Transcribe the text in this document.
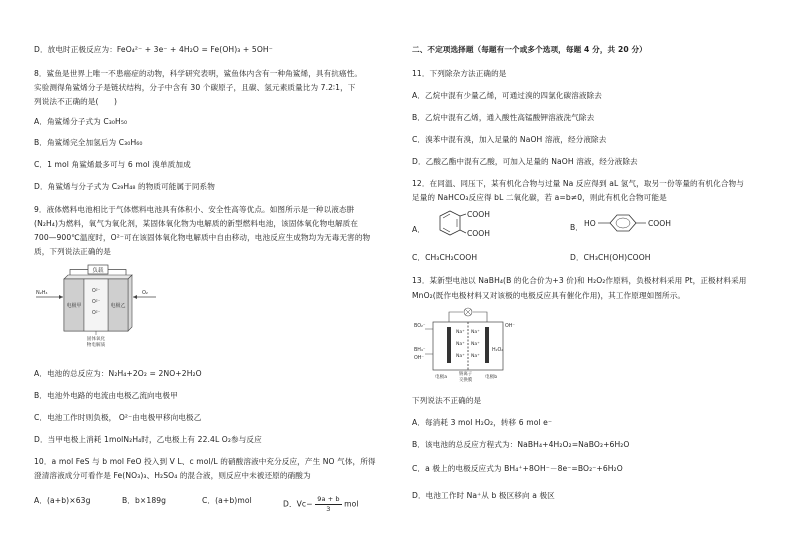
D．放电时正极反应为：FeO₄²⁻ + 3e⁻ + 4H₂O = Fe(OH)₃ + 5OH⁻
8．鲨鱼是世界上唯一不患癌症的动物，科学研究表明，鲨鱼体内含有一种角鲨烯，具有抗癌性。
实验测得角鲨烯分子是链状结构，分子中含有 30 个碳原子，且碳、氢元素质量比为 7.2∶1，下
列说法不正确的是(　　)
A．角鲨烯分子式为 C₃₀H₅₀
B．角鲨烯完全加氢后为 C₃₀H₆₀
C．1 mol 角鲨烯最多可与 6 mol 溴单质加成
D．角鲨烯与分子式为 C₂₉H₄₈ 的物质可能属于同系物
9．液体燃料电池相比于气体燃料电池具有体积小、安全性高等优点。如图所示是一种以液态肼
(N₂H₄)为燃料，氧气为氧化剂，某固体氧化物为电解质的新型燃料电池，该固体氧化物电解质在
700—900℃温度时，O²⁻可在该固体氧化物电解质中自由移动，电池反应生成物均为无毒无害的物
质，下列说法正确的是
负载
电极甲	电极乙
O²⁻
O²⁻
O²⁻
N₂H₄	O₂
固体氧化
物电解质
A．电池的总反应为：N₂H₄+2O₂ = 2NO+2H₂O
B．电池外电路的电流由电极乙流向电极甲
C．电池工作时则负极， O²⁻由电极甲移向电极乙
D．当甲电极上消耗 1molN₂H₄时，乙电极上有 22.4L O₂参与反应
10．a mol FeS 与 b mol FeO 投入到 V L、c mol/L 的硝酸溶液中充分反应，产生 NO 气体，所得
澄清溶液成分可看作是 Fe(NO₃)₃、H₂SO₄ 的混合液，则反应中未被还原的硝酸为
A．(a+b)×63g	B．b×189g	C．(a+b)mol	D．$Vc- \frac{9a + b}{3}$ mol
二、不定项选择题（每题有一个或多个选项，每题 4 分，共 20 分）
11．下列除杂方法正确的是
A．乙烷中混有少量乙烯，可通过溴的四氯化碳溶液除去
B．乙烷中混有乙烯，通入酸性高锰酸钾溶液洗气除去
C．溴苯中混有溴，加入足量的 NaOH 溶液，经分液除去
D．乙酸乙酯中混有乙酸，可加入足量的 NaOH 溶液，经分液除去
12．在同温、同压下，某有机化合物与过量 Na 反应得到 aL 氢气，取另一份等量的有机化合物与
足量的 NaHCO₃反应得 bL 二氧化碳，若 a=b≠0，则此有机化合物可能是
A．
COOH
COOH
B． HO	COOH
C．CH₃CH₂COOH	D．CH₃CH(OH)COOH
13．某新型电池以 NaBH₄(B 的化合价为+3 价)和 H₂O₂作原料，负极材料采用 Pt，正极材料采用
MnO₂(既作电极材料又对该极的电极反应具有催化作用)，其工作原理如图所示。
Na⁺ Na⁺
Na⁺ Na⁺
Na⁺ Na⁺
BO₂⁻
BH₄⁻
OH⁻
OH⁻
H₂O₂
电极a
钠离子
交换膜
电极b
下列说法不正确的是
A．每消耗 3 mol H₂O₂，转移 6 mol e⁻
B．该电池的总反应方程式为：NaBH₄+4H₂O₂=NaBO₂+6H₂O
C．a 极上的电极反应式为 BH₄⁺+8OH⁻－8e⁻=BO₂⁻+6H₂O
D．电池工作时 Na⁺从 b 极区移向 a 极区
